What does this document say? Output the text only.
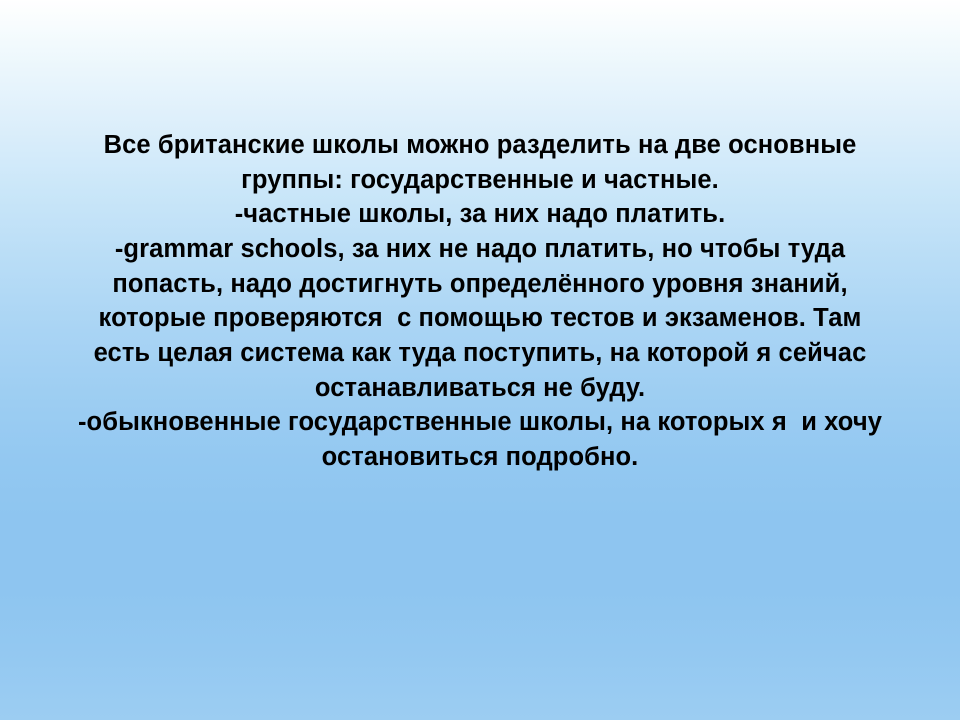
Все британские школы можно разделить на две основные

группы: государственные и частные.

-частные школы, за них надо платить.

-grammar schools, за них не надо платить, но чтобы туда

попасть, надо достигнуть определённого уровня знаний,

которые проверяются  с помощью тестов и экзаменов. Там

есть целая система как туда поступить, на которой я сейчас

останавливаться не буду.

-обыкновенные государственные школы, на которых я  и хочу

остановиться подробно.
